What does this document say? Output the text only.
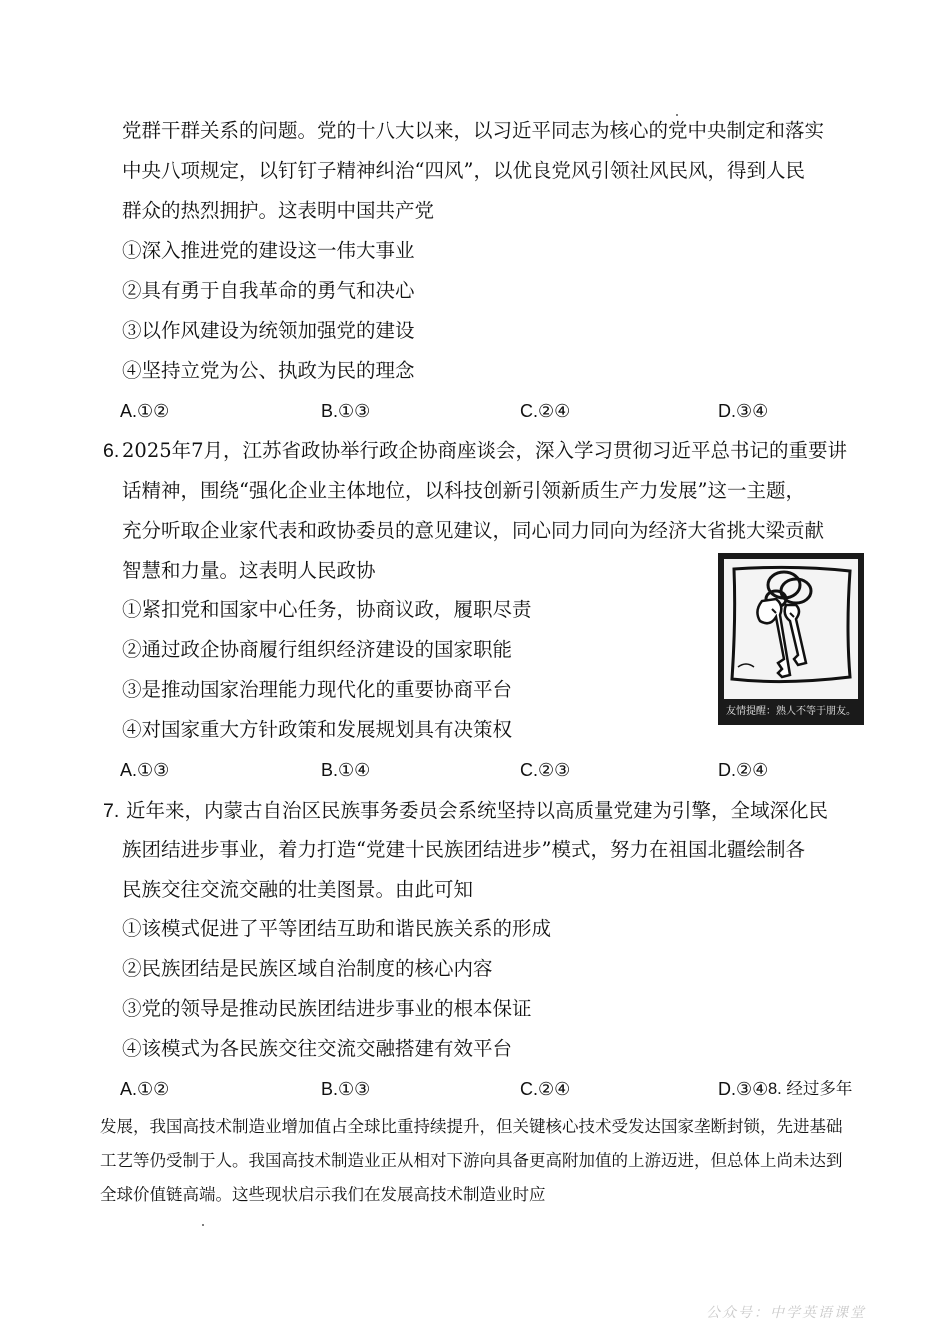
党群干群关系的问题。党的十八大以来，以习近平同志为核心的党中央制定和落实
中央八项规定，以钉钉子精神纠治“四风”，以优良党风引领社风民风，得到人民
群众的热烈拥护。这表明中国共产党
①深入推进党的建设这一伟大事业
②具有勇于自我革命的勇气和决心
③以作风建设为统领加强党的建设
④坚持立党为公、执政为民的理念
A.①②	B.①③	C.②④	D.③④
6. 2025年7月，江苏省政协举行政企协商座谈会，深入学习贯彻习近平总书记的重要讲
话精神，围绕“强化企业主体地位，以科技创新引领新质生产力发展”这一主题，
充分听取企业家代表和政协委员的意见建议，同心同力同向为经济大省挑大梁贡献
智慧和力量。这表明人民政协
①紧扣党和国家中心任务，协商议政，履职尽责
②通过政企协商履行组织经济建设的国家职能
③是推动国家治理能力现代化的重要协商平台
④对国家重大方针政策和发展规划具有决策权
友情提醒：熟人不等于朋友。
A.①③	B.①④	C.②③	D.②④
7. 近年来，内蒙古自治区民族事务委员会系统坚持以高质量党建为引擎，全域深化民
族团结进步事业，着力打造“党建十民族团结进步”模式，努力在祖国北疆绘制各
民族交往交流交融的壮美图景。由此可知
①该模式促进了平等团结互助和谐民族关系的形成
②民族团结是民族区域自治制度的核心内容
③党的领导是推动民族团结进步事业的根本保证
④该模式为各民族交往交流交融搭建有效平台
A.①②	B.①③	C.②④	D.③④ 8. 经过多年
发展，我国高技术制造业增加值占全球比重持续提升，但关键核心技术受发达国家垄断封锁，先进基础
工艺等仍受制于人。我国高技术制造业正从相对下游向具备更高附加值的上游迈进，但总体上尚未达到
全球价值链高端。这些现状启示我们在发展高技术制造业时应
公众号：中学英语课堂
